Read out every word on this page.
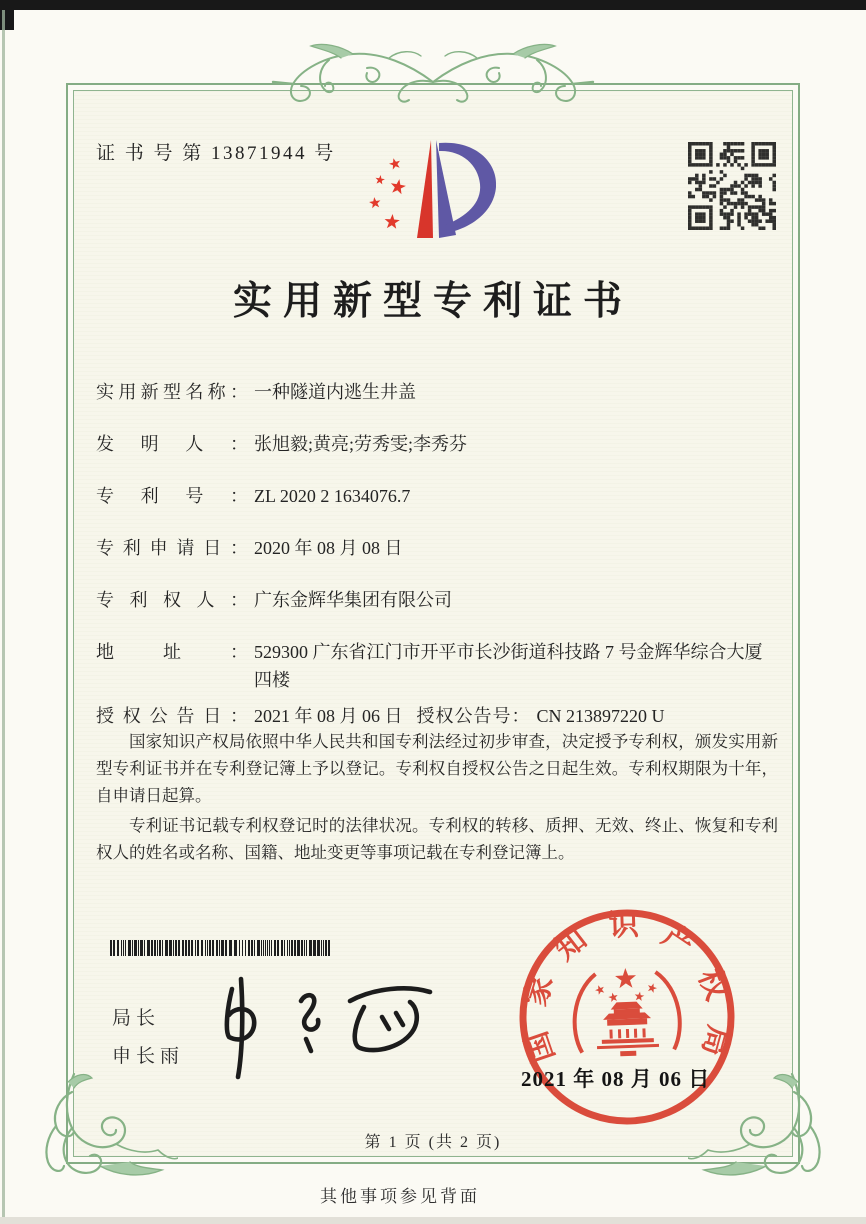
证 书 号 第 13871944 号
实用新型专利证书
实用新型名称： 一种隧道内逃生井盖
发明人： 张旭毅;黄亮;劳秀雯;李秀芬
专利号： ZL 2020 2 1634076.7
专利申请日： 2020 年 08 月 08 日
专利权人： 广东金辉华集团有限公司
地址： 529300 广东省江门市开平市长沙街道科技路 7 号金辉华综合大厦四楼
授权公告日： 2021 年 08 月 06 日 授权公告号： CN 213897220 U

国家知识产权局依照中华人民共和国专利法经过初步审查，决定授予专利权，颁发实用新型专利证书并在专利登记簿上予以登记。专利权自授权公告之日起生效。专利权期限为十年，自申请日起算。

专利证书记载专利权登记时的法律状况。专利权的转移、质押、无效、终止、恢复和专利权人的姓名或名称、国籍、地址变更等事项记载在专利登记簿上。

局长
申长雨	国
家
知 识 产
权
局
2021 年 08 月 06 日
第 1 页 (共 2 页)
其他事项参见背面
